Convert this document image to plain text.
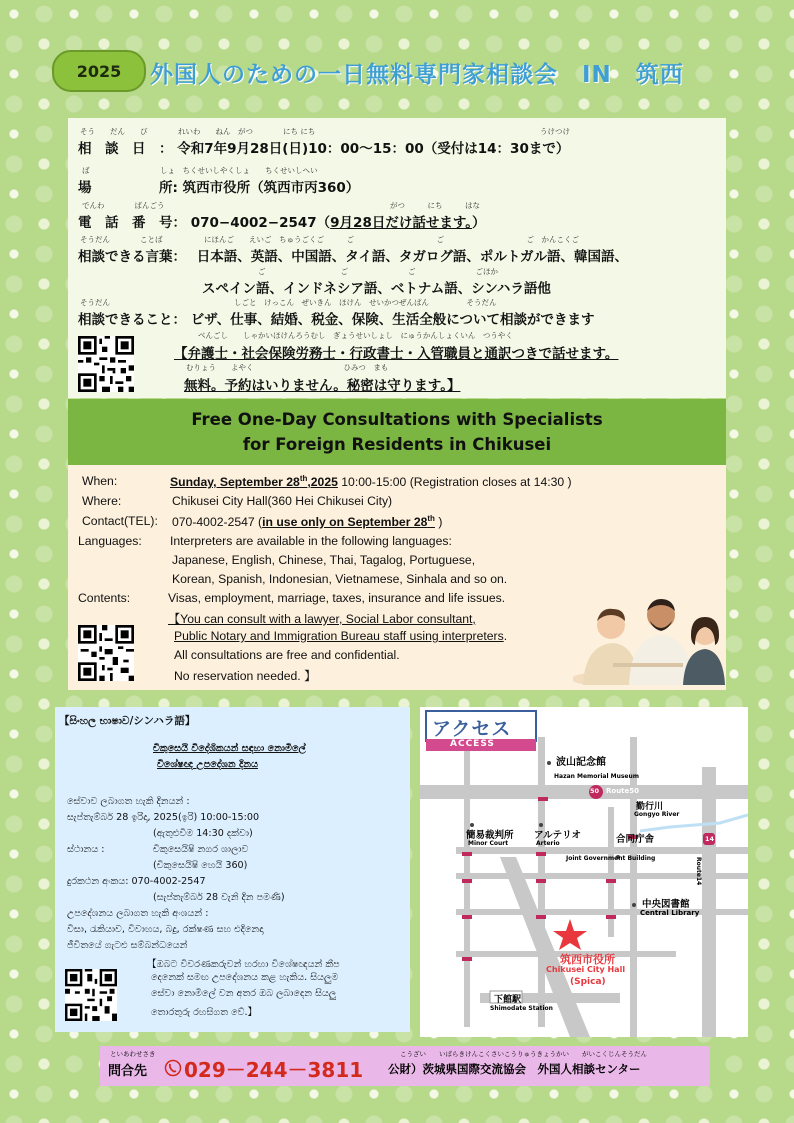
2025	外国人のための一日無料専門家相談会　IN　筑西
そう　　だん　　び	れいわ　　ねん　がつ　　　　にち にち	うけつけ
相　談　日　： 令和7年9月28日(日)10：00～15：00（受付は14：30まで）
ば	しょ　ちくせいしやくしょ　　ちくせいしへい
場　　　　　所: 筑西市役所（筑西市丙360）
でんわ　　　　ばんごう	がつ　　　にち　　　はな
電　話　番　号： 070−4002−2547（9月28日だけ話せます。）
そうだん　　　　ことば	にほんご　　えいご　ちゅうごくご　　　ご　　　　　　　　　　　ご　　　　　　　　　　　ご　かんこくご
相談できる言葉： 日本語、英語、中国語、タイ語、タガログ語、ポルトガル語、韓国語、
ご　　　　　　　　　　ご　　　　　　　　ご　　　　　　　　ごほか
スペイン語、インドネシア語、ベトナム語、シンハラ語他
そうだん	しごと　けっこん　ぜいきん　ほけん　せいかつぜんぱん　　　　　そうだん
相談できること： ビザ、仕事、結婚、税金、保険、生活全般について相談ができます
べんごし　　しゃかいほけんろうむし　ぎょうせいしょし　にゅうかんしょくいん　つうやく
【弁護士・社会保険労務士・行政書士・入管職員と通訳つきで話せます。
むりょう　　よやく　　　　　　　　　　　　ひみつ　まも
無料。予約はいりません。秘密は守ります。】
Free One-Day Consultations with Specialists
for Foreign Residents in Chikusei
When:	Sunday, September 28th,2025 10:00-15:00 (Registration closes at 14:30 )
Where:	Chikusei City Hall(360 Hei Chikusei City)
Contact(TEL): 070-4002-2547 (in use only on September 28th )
Languages: Interpreters are available in the following languages:
Japanese, English, Chinese, Thai, Tagalog, Portuguese,
Korean, Spanish, Indonesian, Vietnamese, Sinhala and so on.
Contents:	Visas, employment, marriage, taxes, insurance and life issues.
【You can consult with a lawyer, Social Labor consultant,
Public Notary and Immigration Bureau staff using interpreters.
All consultations are free and confidential.
No reservation needed. 】
【සිංහල භාෂාව/シンハラ語】
චිකුසෙයි විදේශිකයන් සඳහා නොමිලේ
විශේෂඥ උපදේශන දිනය
සේවාව ලබාගත හැකි දිනයන් :
සැප්තැම්බර් 28 ඉරිදා, 2025(ඉරි) 10:00-15:00
(ඇතුළුවීම 14:30 දක්වා)
ස්ථානය :	චිකුසෙයිෂි නගර ශාලාව
(චිකුසෙයිෂි හෙයි 360)
දුරකථන අංකය: 070-4002-2547
(සැප්තැම්බර් 28 වැනි දින පමණි)
උපදේශනය ලබාගත හැකි අංශයන් :
වීසා, රැකියාව, විවාහය, බදු, රක්ෂණ සහ එදිනෙදා
ජීවිතයේ ගැටළු සම්බන්ධයෙන්
【ඔබට විවරණකරුවන් හරහා විශේෂඥයන් කීප
දෙනෙක් සමඟ උපදේශනය කළ හැකිය. සියලුම
සේවා නොමිලේ වන අතර ඔබ ලබාදෙන සියලු
තොරතුරු රහසිගත වේ.】
アクセス
ACCESS
波山記念館
Hazan Memorial Museum
50 Route50
勤行川
Gongyo River
簡易裁判所
Minor Court
アルテリオ
Arterio	合同庁舎
Joint Government Building
14
Route14
中央図書館
Central Library
筑西市役所
Chikusei City Hall
(Spica)
下館駅
Shimodate Station
といあわせさき
問合先 029－244－3811
こうざい　　いばらきけんこくさいこうりゅうきょうかい　　がいこくじんそうだん
公財）茨城県国際交流協会　外国人相談センター
